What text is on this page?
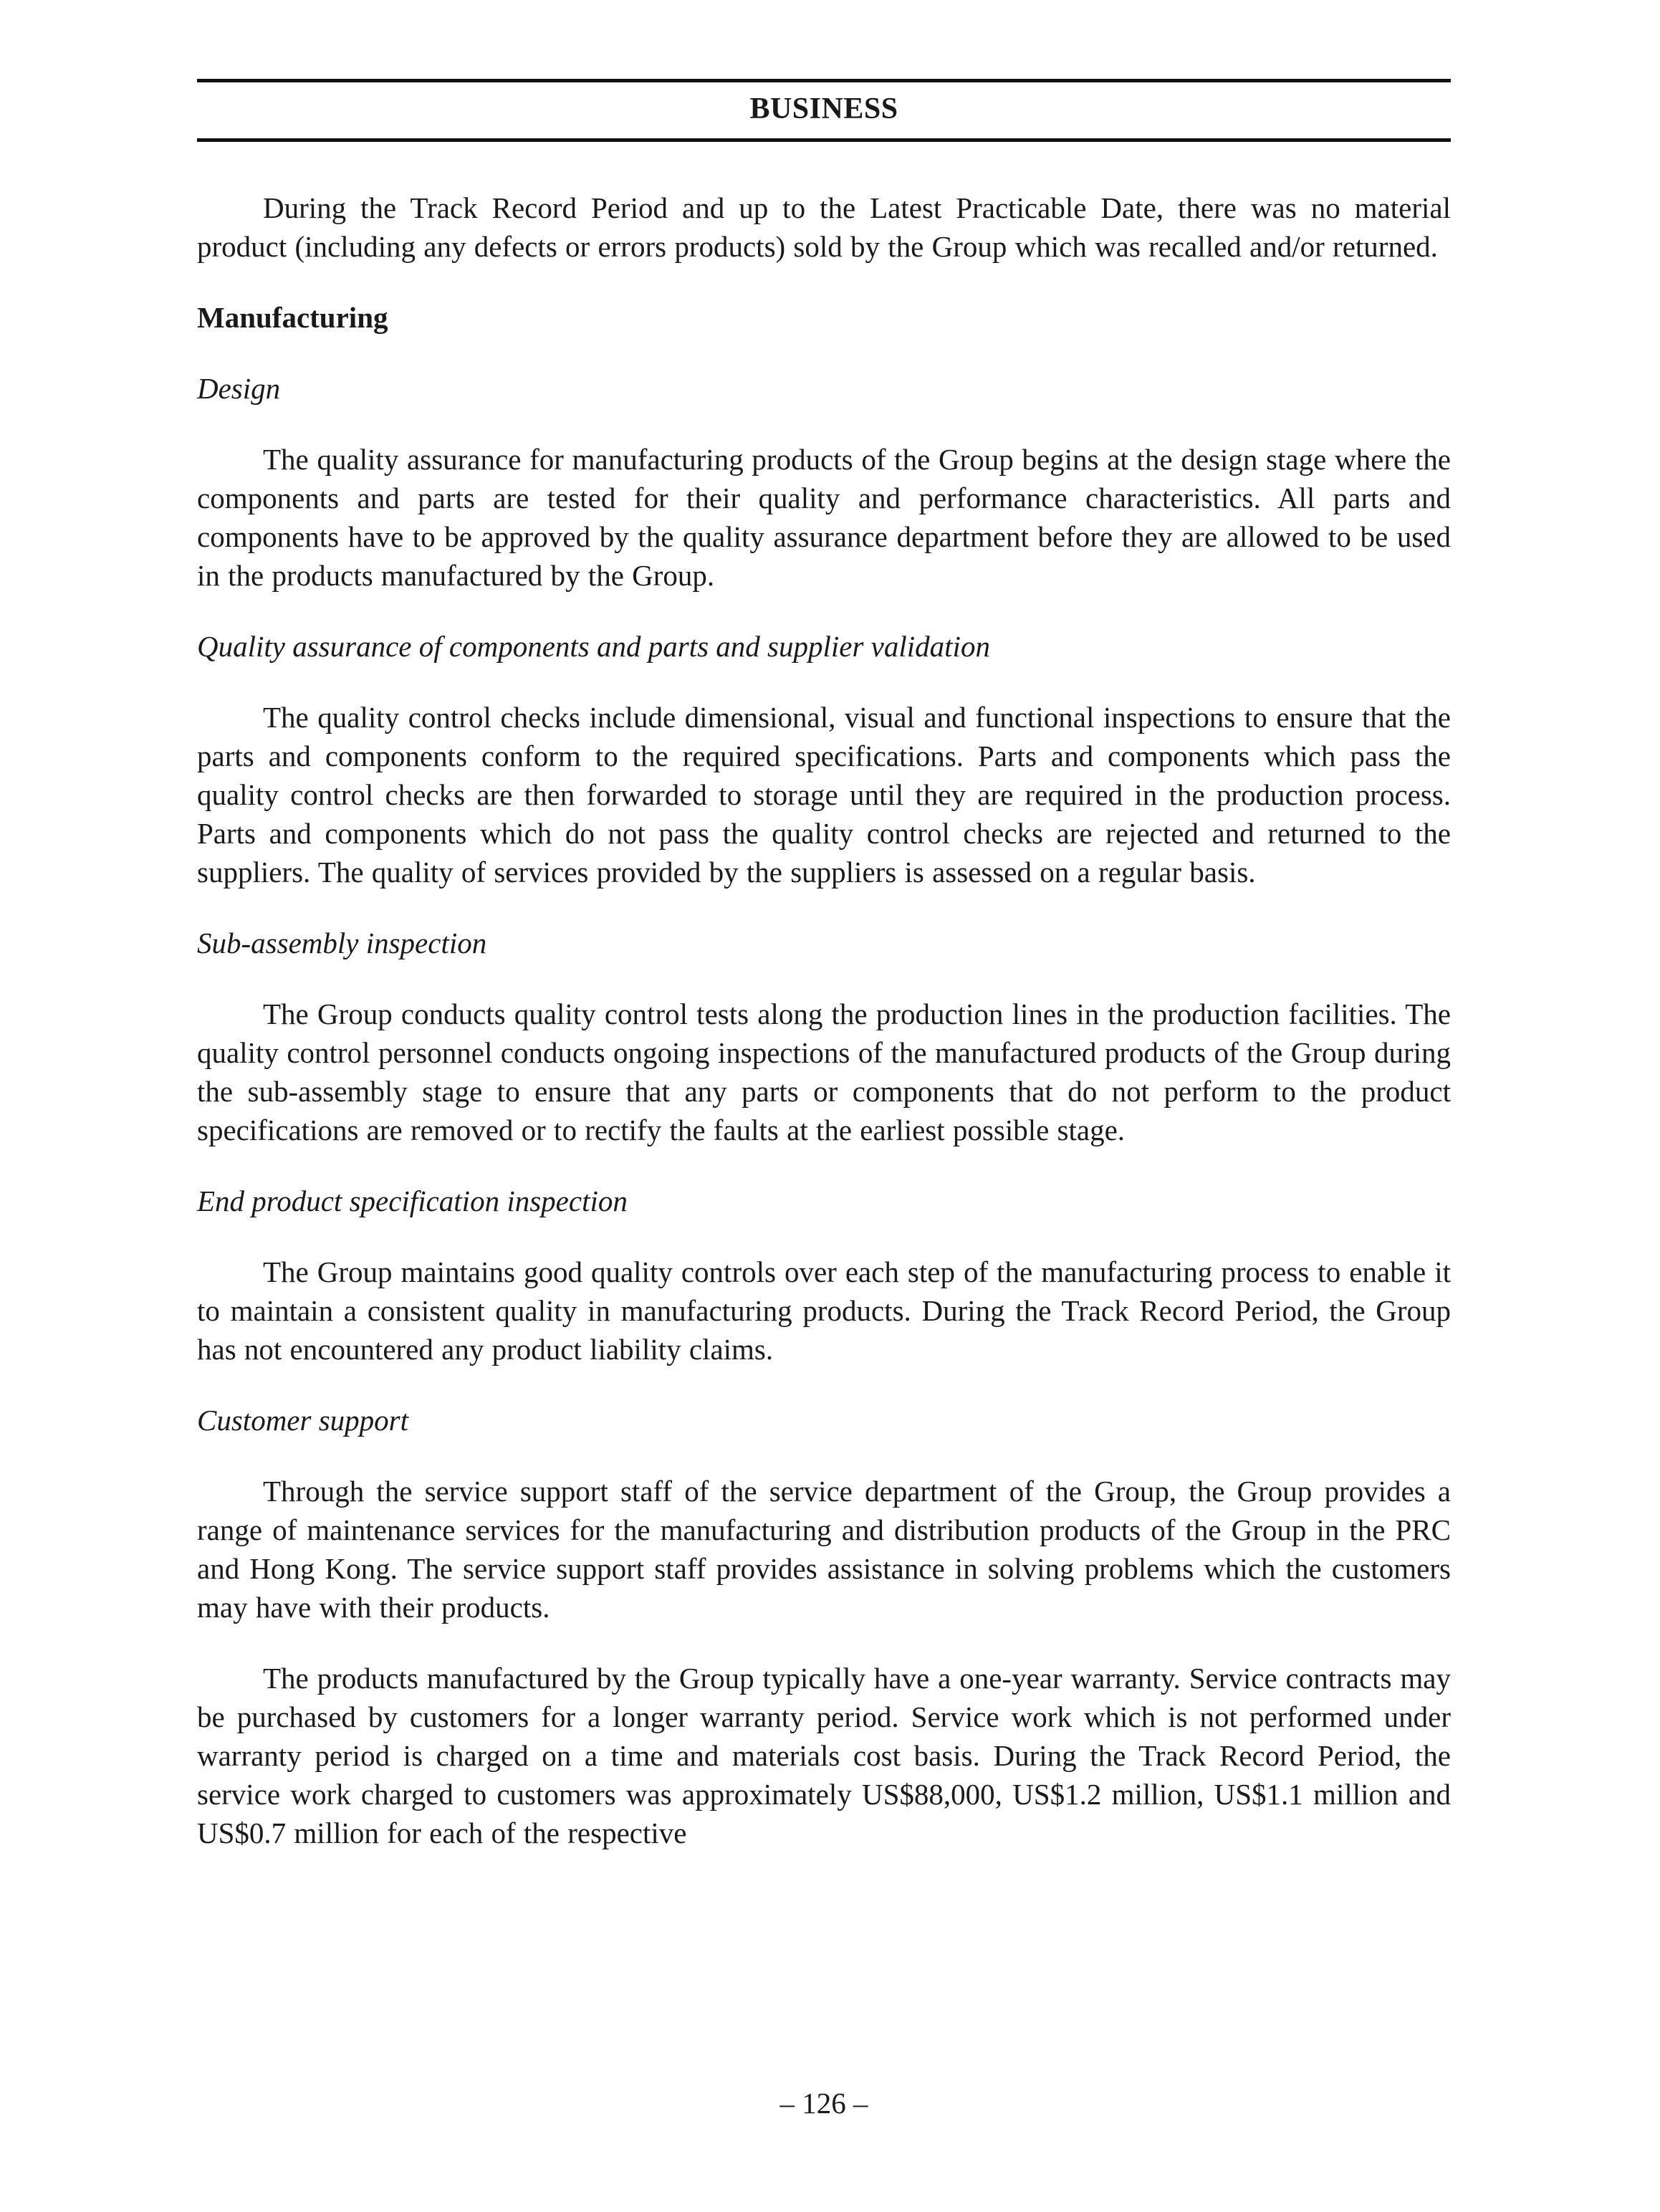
BUSINESS

During the Track Record Period and up to the Latest Practicable Date, there was no material product (including any defects or errors products) sold by the Group which was recalled and/or returned.

Manufacturing
Design

The quality assurance for manufacturing products of the Group begins at the design stage where the components and parts are tested for their quality and performance characteristics. All parts and components have to be approved by the quality assurance department before they are allowed to be used in the products manufactured by the Group.

Quality assurance of components and parts and supplier validation

The quality control checks include dimensional, visual and functional inspections to ensure that the parts and components conform to the required specifications. Parts and components which pass the quality control checks are then forwarded to storage until they are required in the production process. Parts and components which do not pass the quality control checks are rejected and returned to the suppliers. The quality of services provided by the suppliers is assessed on a regular basis.

Sub-assembly inspection

The Group conducts quality control tests along the production lines in the production facilities. The quality control personnel conducts ongoing inspections of the manufactured products of the Group during the sub-assembly stage to ensure that any parts or components that do not perform to the product specifications are removed or to rectify the faults at the earliest possible stage.

End product specification inspection

The Group maintains good quality controls over each step of the manufacturing process to enable it to maintain a consistent quality in manufacturing products. During the Track Record Period, the Group has not encountered any product liability claims.

Customer support

Through the service support staff of the service department of the Group, the Group provides a range of maintenance services for the manufacturing and distribution products of the Group in the PRC and Hong Kong. The service support staff provides assistance in solving problems which the customers may have with their products.

The products manufactured by the Group typically have a one-year warranty. Service contracts may be purchased by customers for a longer warranty period. Service work which is not performed under warranty period is charged on a time and materials cost basis. During the Track Record Period, the service work charged to customers was approximately US$88,000, US$1.2 million, US$1.1 million and US$0.7 million for each of the respective

– 126 –
